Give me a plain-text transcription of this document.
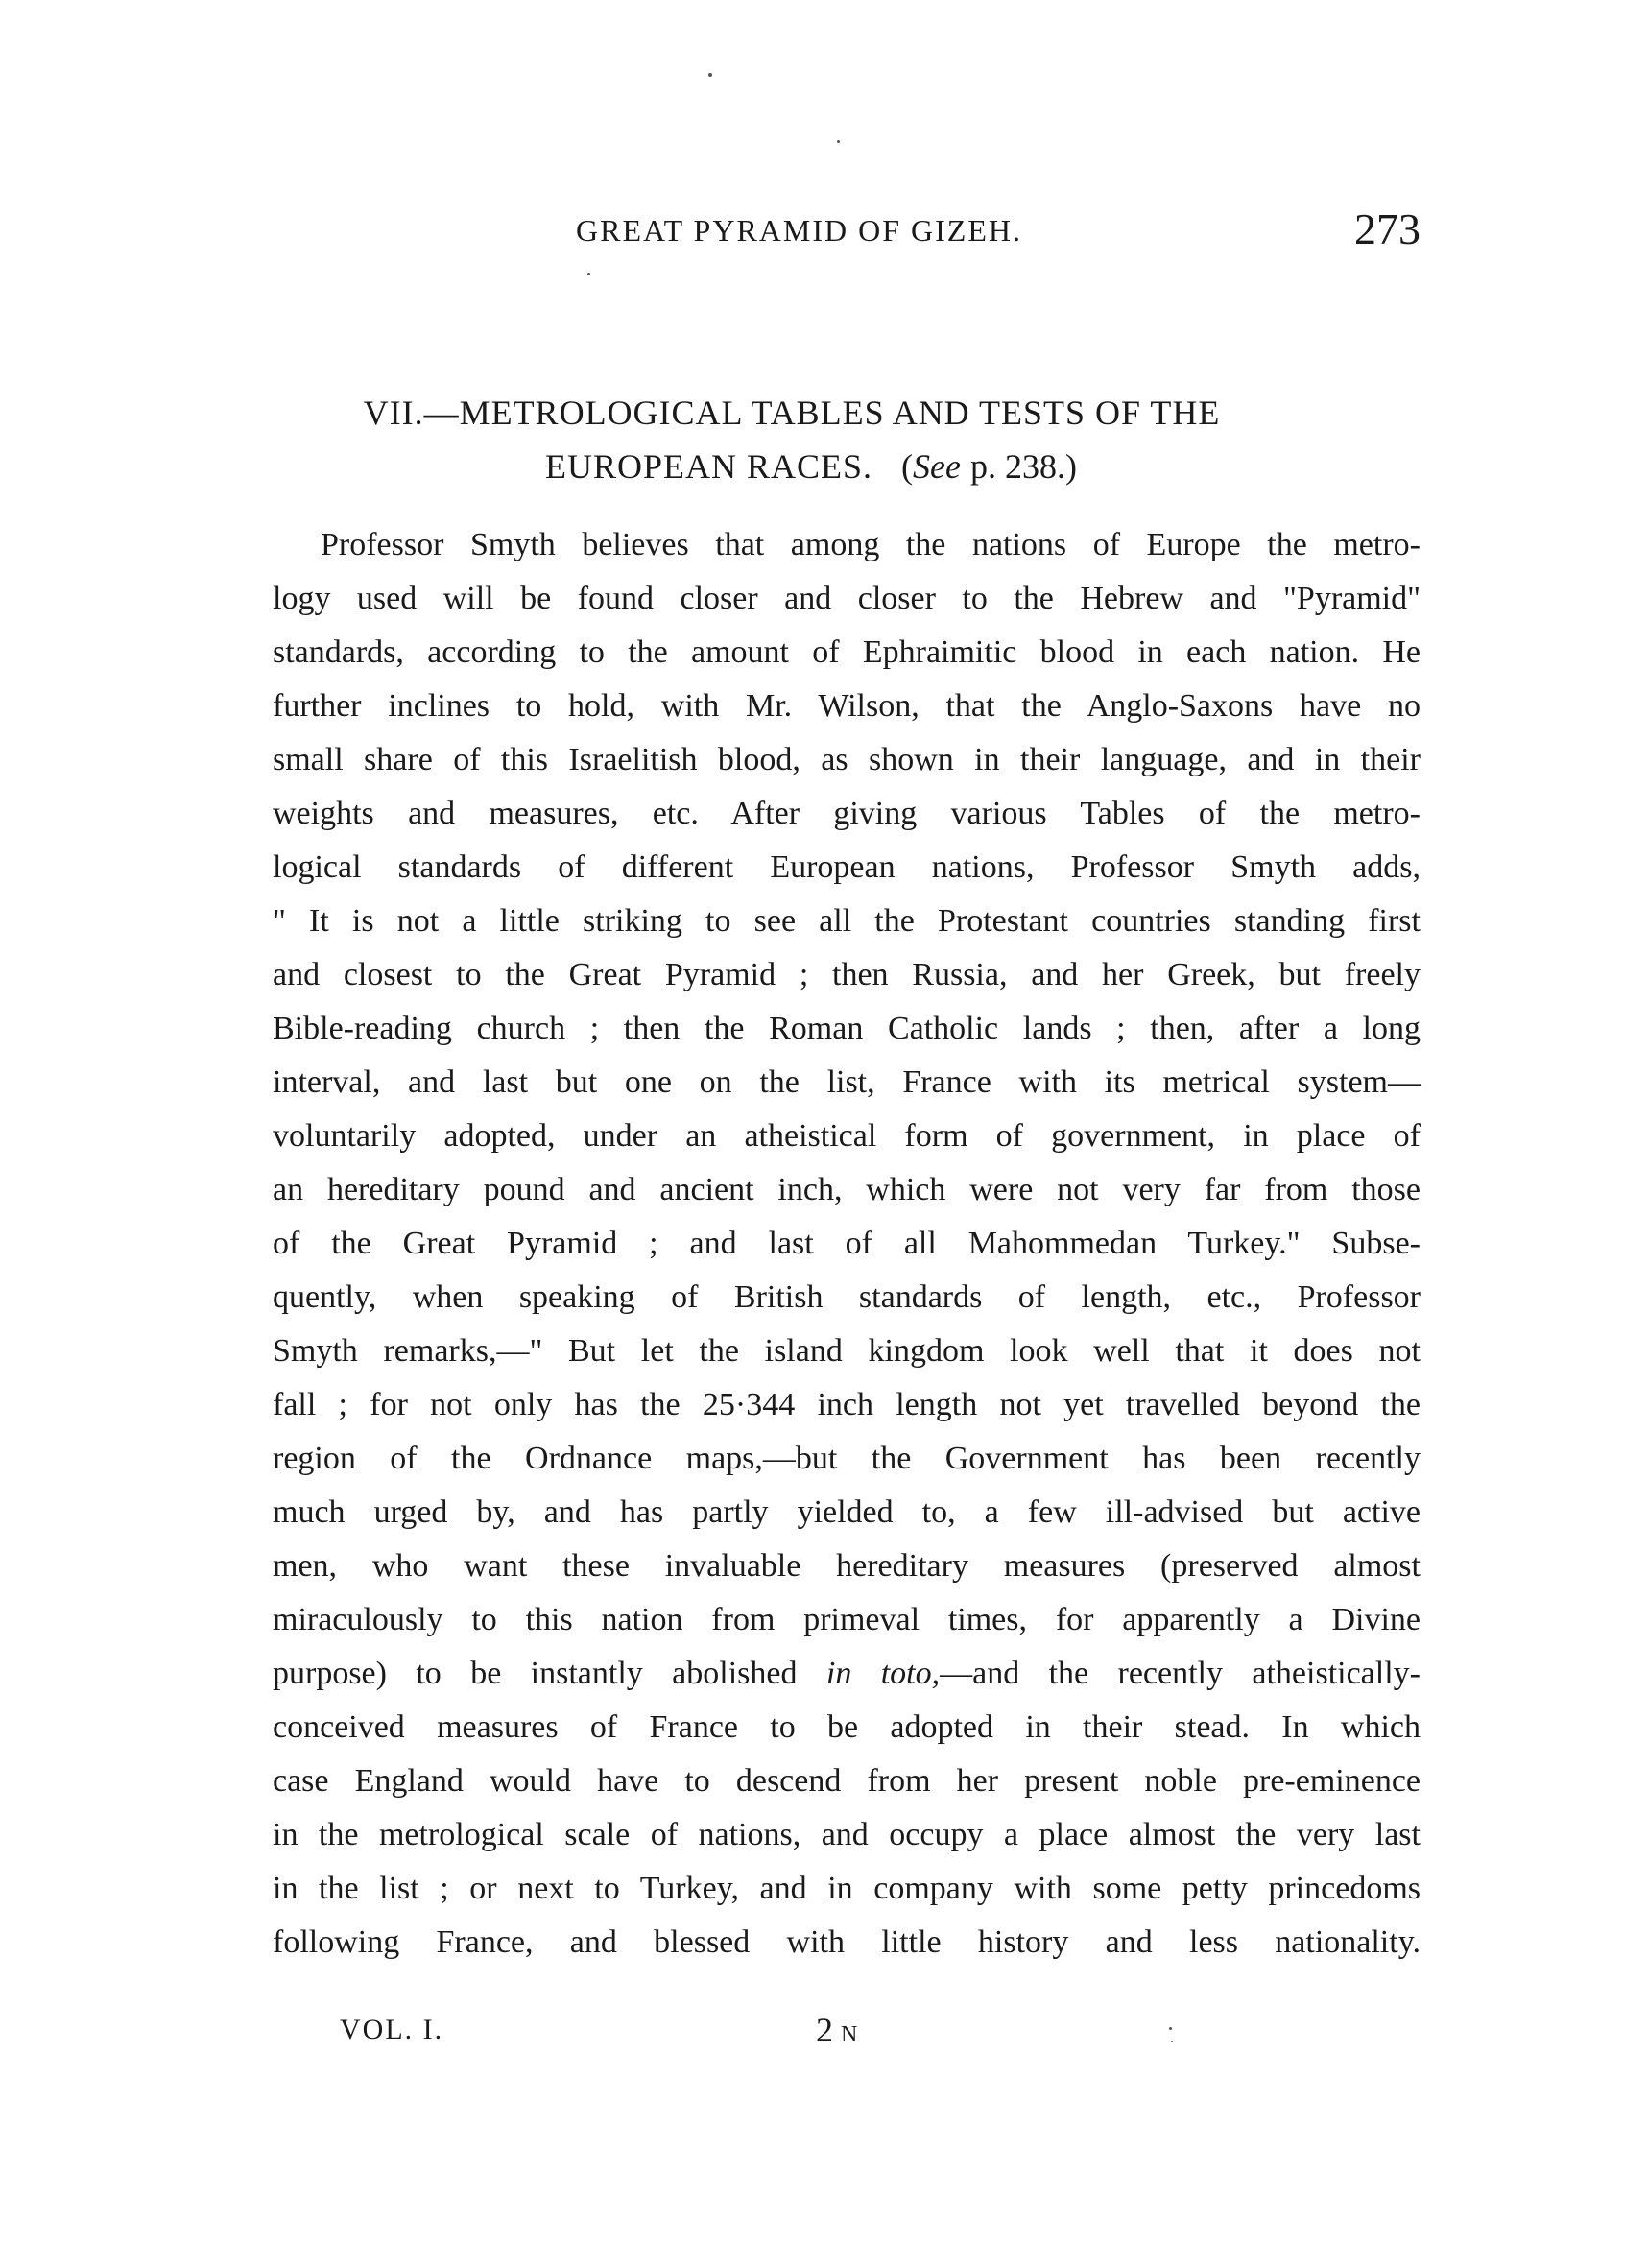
GREAT PYRAMID OF GIZEH.	273
VII.—METROLOGICAL TABLES AND TESTS OF THE
EUROPEAN RACES. (See p. 238.)
Professor Smyth believes that among the nations of Europe the metro-
logy used will be found closer and closer to the Hebrew and "Pyramid"
standards, according to the amount of Ephraimitic blood in each nation. He
further inclines to hold, with Mr. Wilson, that the Anglo-Saxons have no
small share of this Israelitish blood, as shown in their language, and in their
weights and measures, etc. After giving various Tables of the metro-
logical standards of different European nations, Professor Smyth adds,
" It is not a little striking to see all the Protestant countries standing first
and closest to the Great Pyramid ; then Russia, and her Greek, but freely
Bible-reading church ; then the Roman Catholic lands ; then, after a long
interval, and last but one on the list, France with its metrical system—
voluntarily adopted, under an atheistical form of government, in place of
an hereditary pound and ancient inch, which were not very far from those
of the Great Pyramid ; and last of all Mahommedan Turkey." Subse-
quently, when speaking of British standards of length, etc., Professor
Smyth remarks,—" But let the island kingdom look well that it does not
fall ; for not only has the 25·344 inch length not yet travelled beyond the
region of the Ordnance maps,—but the Government has been recently
much urged by, and has partly yielded to, a few ill-advised but active
men, who want these invaluable hereditary measures (preserved almost
miraculously to this nation from primeval times, for apparently a Divine
purpose) to be instantly abolished in toto,—and the recently atheistically-
conceived measures of France to be adopted in their stead. In which
case England would have to descend from her present noble pre-eminence
in the metrological scale of nations, and occupy a place almost the very last
in the list ; or next to Turkey, and in company with some petty princedoms
following France, and blessed with little history and less nationality.
VOL. I.	2 N
